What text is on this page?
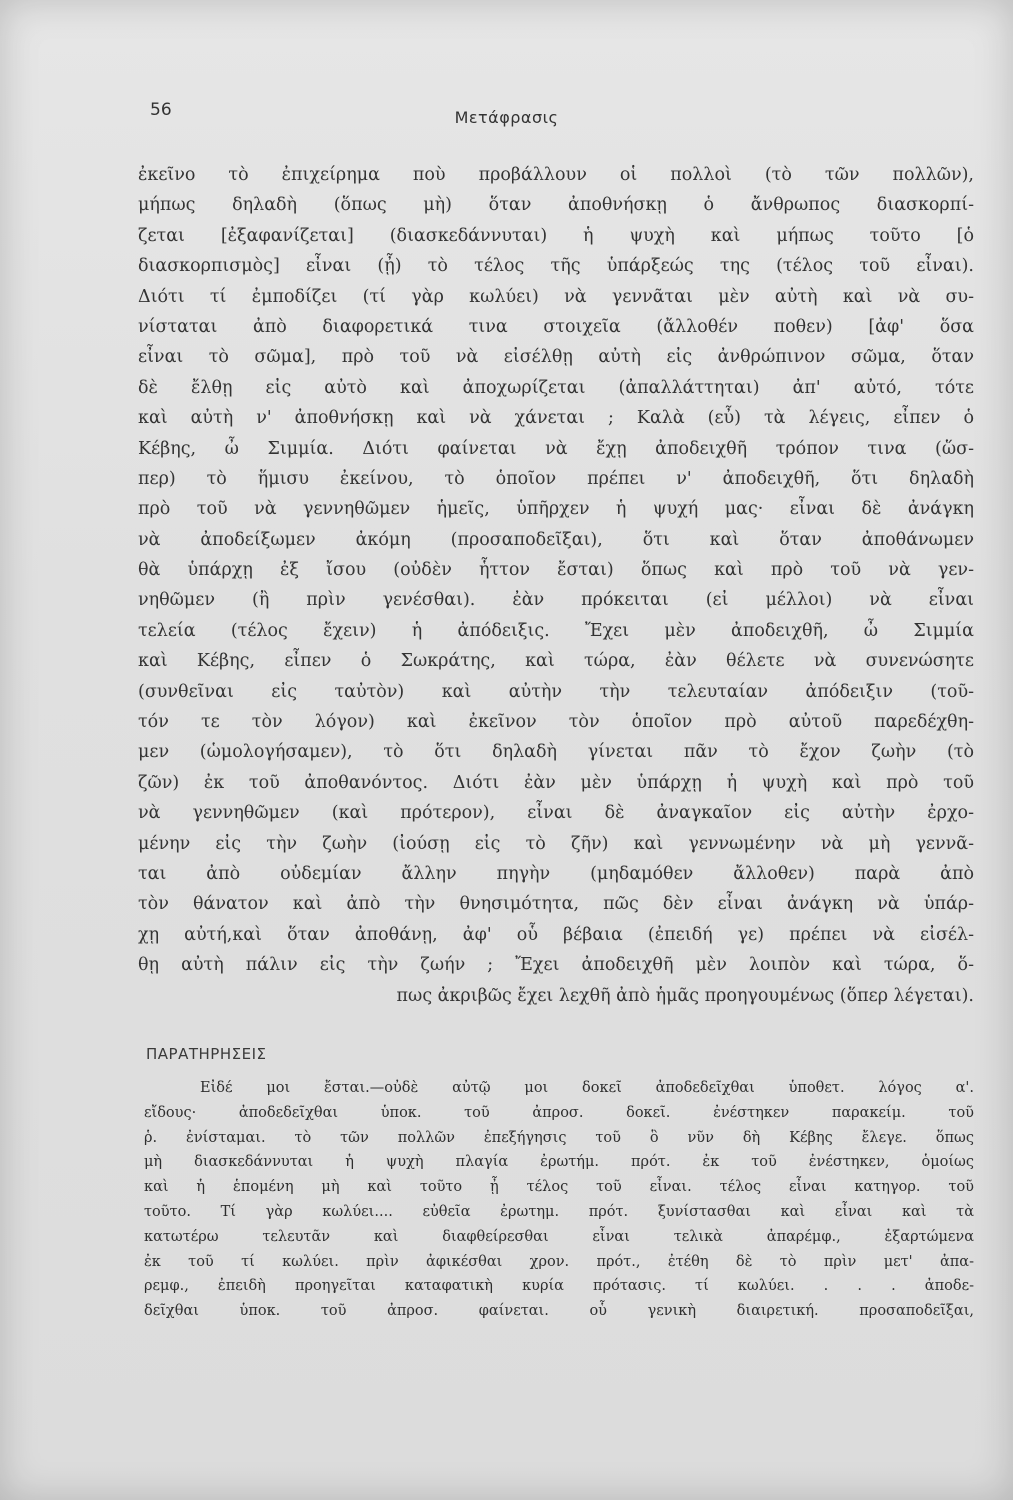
56	Μετάφρασις
ἐκεῖνο τὸ ἐπιχείρημα ποὺ προβάλλουν οἱ πολλοὶ (τὸ τῶν πολλῶν),
μήπως δηλαδὴ (ὅπως μὴ) ὅταν ἀποθνήσκῃ ὁ ἄνθρωπος διασκορπί-
ζεται [ἐξαφανίζεται] (διασκεδάννυται) ἡ ψυχὴ καὶ μήπως τοῦτο [ὁ
διασκορπισμὸς] εἶναι (ᾖ) τὸ τέλος τῆς ὑπάρξεώς της (τέλος τοῦ εἶναι).
Διότι τί ἐμποδίζει (τί γὰρ κωλύει) νὰ γεννᾶται μὲν αὐτὴ καὶ νὰ συ-
νίσταται ἀπὸ διαφορετικά τινα στοιχεῖα (ἄλλοθέν ποθεν) [ἀφ' ὅσα
εἶναι τὸ σῶμα], πρὸ τοῦ νὰ εἰσέλθῃ αὐτὴ εἰς ἀνθρώπινον σῶμα, ὅταν
δὲ ἔλθῃ εἰς αὐτὸ καὶ ἀποχωρίζεται (ἀπαλλάττηται) ἀπ' αὐτό, τότε
καὶ αὐτὴ ν' ἀποθνήσκῃ καὶ νὰ χάνεται ; Καλὰ (εὖ) τὰ λέγεις, εἶπεν ὁ
Κέβης, ὦ Σιμμία. Διότι φαίνεται νὰ ἔχῃ ἀποδειχθῆ τρόπον τινα (ὥσ-
περ) τὸ ἥμισυ ἐκείνου, τὸ ὁποῖον πρέπει ν' ἀποδειχθῆ, ὅτι δηλαδὴ
πρὸ τοῦ νὰ γεννηθῶμεν ἡμεῖς, ὑπῆρχεν ἡ ψυχή μας· εἶναι δὲ ἀνάγκη
νὰ ἀποδείξωμεν ἀκόμη (προσαποδεῖξαι), ὅτι καὶ ὅταν ἀποθάνωμεν
θὰ ὑπάρχῃ ἐξ ἴσου (οὐδὲν ἧττον ἔσται) ὅπως καὶ πρὸ τοῦ νὰ γεν-
νηθῶμεν (ἢ πρὶν γενέσθαι). ἐὰν πρόκειται (εἰ μέλλοι) νὰ εἶναι
τελεία (τέλος ἔχειν) ἡ ἀπόδειξις. Ἔχει μὲν ἀποδειχθῆ, ὦ Σιμμία
καὶ Κέβης, εἶπεν ὁ Σωκράτης, καὶ τώρα, ἐὰν θέλετε νὰ συνενώσητε
(συνθεῖναι εἰς ταὐτὸν) καὶ αὐτὴν τὴν τελευταίαν ἀπόδειξιν (τοῦ-
τόν τε τὸν λόγον) καὶ ἐκεῖνον τὸν ὁποῖον πρὸ αὐτοῦ παρεδέχθη-
μεν (ὡμολογήσαμεν), τὸ ὅτι δηλαδὴ γίνεται πᾶν τὸ ἔχον ζωὴν (τὸ
ζῶν) ἐκ τοῦ ἀποθανόντος. Διότι ἐὰν μὲν ὑπάρχῃ ἡ ψυχὴ καὶ πρὸ τοῦ
νὰ γεννηθῶμεν (καὶ πρότερον), εἶναι δὲ ἀναγκαῖον εἰς αὐτὴν ἐρχο-
μένην εἰς τὴν ζωὴν (ἰούσῃ εἰς τὸ ζῆν) καὶ γεννωμένην νὰ μὴ γεννᾶ-
ται ἀπὸ οὐδεμίαν ἄλλην πηγὴν (μηδαμόθεν ἄλλοθεν) παρὰ ἀπὸ
τὸν θάνατον καὶ ἀπὸ τὴν θνησιμότητα, πῶς δὲν εἶναι ἀνάγκη νὰ ὑπάρ-
χῃ αὐτή,καὶ ὅταν ἀποθάνῃ, ἀφ' οὗ βέβαια (ἐπειδή γε) πρέπει νὰ εἰσέλ-
θῃ αὐτὴ πάλιν εἰς τὴν ζωήν ; Ἔχει ἀποδειχθῆ μὲν λοιπὸν καὶ τώρα, ὅ-
πως ἀκριβῶς ἔχει λεχθῆ ἀπὸ ἡμᾶς προηγουμένως (ὅπερ λέγεται).
ΠΑΡΑΤΗΡΗΣΕΙΣ
Εἰδέ μοι ἔσται.—οὐδὲ αὐτῷ μοι δοκεῖ ἀποδεδεῖχθαι ὑποθετ. λόγος α'.
εἴδους· ἀποδεδεῖχθαι ὑποκ. τοῦ ἀπροσ. δοκεῖ. ἐνέστηκεν παρακείμ. τοῦ
ῥ. ἐνίσταμαι. τὸ τῶν πολλῶν ἐπεξήγησις τοῦ ὃ νῦν δὴ Κέβης ἔλεγε. ὅπως
μὴ διασκεδάννυται ἡ ψυχὴ πλαγία ἐρωτήμ. πρότ. ἐκ τοῦ ἐνέστηκεν, ὁμοίως
καὶ ἡ ἑπομένη μὴ καὶ τοῦτο ᾖ τέλος τοῦ εἶναι. τέλος εἶναι κατηγορ. τοῦ
τοῦτο. Τί γὰρ κωλύει.... εὐθεῖα ἐρωτημ. πρότ. ξυνίστασθαι καὶ εἶναι καὶ τὰ
κατωτέρω τελευτᾶν καὶ διαφθείρεσθαι εἶναι τελικὰ ἀπαρέμφ., ἐξαρτώμενα
ἐκ τοῦ τί κωλύει. πρὶν ἀφικέσθαι χρον. πρότ., ἐτέθη δὲ τὸ πρὶν μετ' ἀπα-
ρεμφ., ἐπειδὴ προηγεῖται καταφατικὴ κυρία πρότασις. τί κωλύει. . . . ἀποδε-
δεῖχθαι ὑποκ. τοῦ ἀπροσ. φαίνεται. οὗ γενικὴ διαιρετική. προσαποδεῖξαι,
